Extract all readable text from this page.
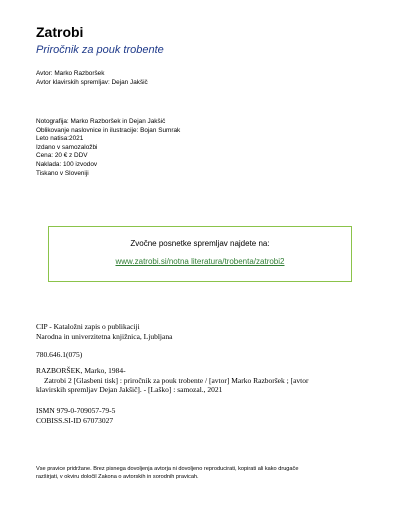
Zatrobi
Priročnik za pouk trobente
Avtor: Marko Razboršek
Avtor klavirskih spremljav: Dejan Jakšič
Notografija: Marko Razboršek in Dejan Jakšič
Oblikovanje naslovnice in ilustracije: Bojan Sumrak
Leto natisa:2021
Izdano v samozaložbi
Cena: 20 € z DDV
Naklada: 100 izvodov
Tiskano v Sloveniji
Zvočne posnetke spremljav najdete na:
www.zatrobi.si/notna literatura/trobenta/zatrobi2
CIP - Kataložni zapis o publikaciji
Narodna in univerzitetna knjižnica, Ljubljana
780.646.1(075)
RAZBORŠEK, Marko, 1984-
Zatrobi 2 [Glasbeni tisk] : priročnik za pouk trobente / [avtor] Marko Razboršek ; [avtor
klavirskih spremljav Dejan Jakšič]. - [Laško] : samozal., 2021
ISMN 979-0-709057-79-5
COBISS.SI-ID 67073027
Vse pravice pridržane. Brez pisnega dovoljenja avtorja ni dovoljeno reproducirati, kopirati ali kako drugače
razširjati, v okviru določil Zakona o avtorskih in sorodnih pravicah.
